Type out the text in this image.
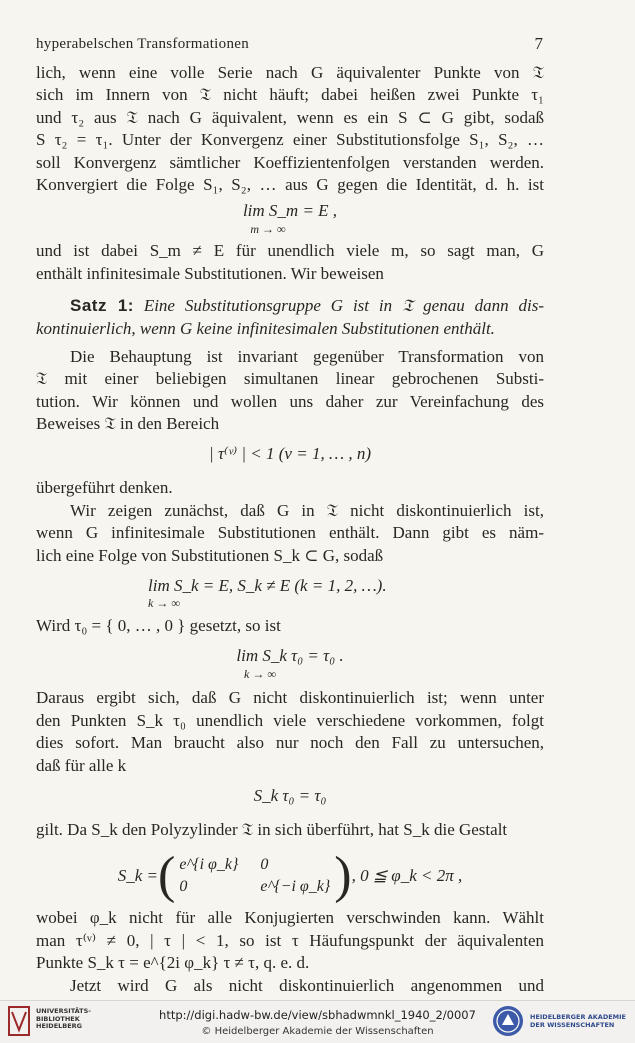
hyperabelschen Transformationen	7
lich, wenn eine volle Serie nach G äquivalenter Punkte von 𝔗
sich im Innern von 𝔗 nicht häuft; dabei heißen zwei Punkte τ₁
und τ₂ aus 𝔗 nach G äquivalent, wenn es ein S ⊂ G gibt, sodaß
S τ₂ = τ₁. Unter der Konvergenz einer Substitutionsfolge S₁, S₂, …
soll Konvergenz sämtlicher Koeffizientenfolgen verstanden werden.
Konvergiert die Folge S₁, S₂, … aus G gegen die Identität, d. h. ist
lim S_m = E ,
m → ∞
und ist dabei S_m ≠ E für unendlich viele m, so sagt man, G
enthält infinitesimale Substitutionen. Wir beweisen
Satz 1: Eine Substitutionsgruppe G ist in 𝔗 genau dann dis-
kontinuierlich, wenn G keine infinitesimalen Substitutionen enthält.
Die Behauptung ist invariant gegenüber Transformation von
𝔗 mit einer beliebigen simultanen linear gebrochenen Substi-
tution. Wir können und wollen uns daher zur Vereinfachung des
Beweises 𝔗 in den Bereich
| τ⁽ᵛ⁾ | < 1 (ν = 1, … , n)
übergeführt denken.
Wir zeigen zunächst, daß G in 𝔗 nicht diskontinuierlich ist,
wenn G infinitesimale Substitutionen enthält. Dann gibt es näm-
lich eine Folge von Substitutionen S_k ⊂ G, sodaß
lim S_k = E, S_k ≠ E (k = 1, 2, …).
k → ∞
Wird τ₀ = { 0, … , 0 } gesetzt, so ist
lim S_k τ₀ = τ₀ .
k → ∞
Daraus ergibt sich, daß G nicht diskontinuierlich ist; wenn unter
den Punkten S_k τ₀ unendlich viele verschiedene vorkommen, folgt
dies sofort. Man braucht also nur noch den Fall zu untersuchen,
daß für alle k
S_k τ₀ = τ₀
gilt. Da S_k den Polyzylinder 𝔗 in sich überführt, hat S_k die Gestalt
S_k = ( e^{i φ_k} 0
0	e^{−i φ_k} ) , 0 ≦ φ_k < 2π ,
wobei φ_k nicht für alle Konjugierten verschwinden kann. Wählt
man τ⁽ᵛ⁾ ≠ 0, | τ | < 1, so ist τ Häufungspunkt der äquivalenten
Punkte S_k τ = e^{2i φ_k} τ ≠ τ, q. e. d.
Jetzt wird G als nicht diskontinuierlich angenommen und
UNIVERSITÄTS-
BIBLIOTHEK
HEIDELBERG
http://digi.hadw-bw.de/view/sbhadwmnkl_1940_2/0007
© Heidelberger Akademie der Wissenschaften
HEIDELBERGER AKADEMIE
DER WISSENSCHAFTEN
